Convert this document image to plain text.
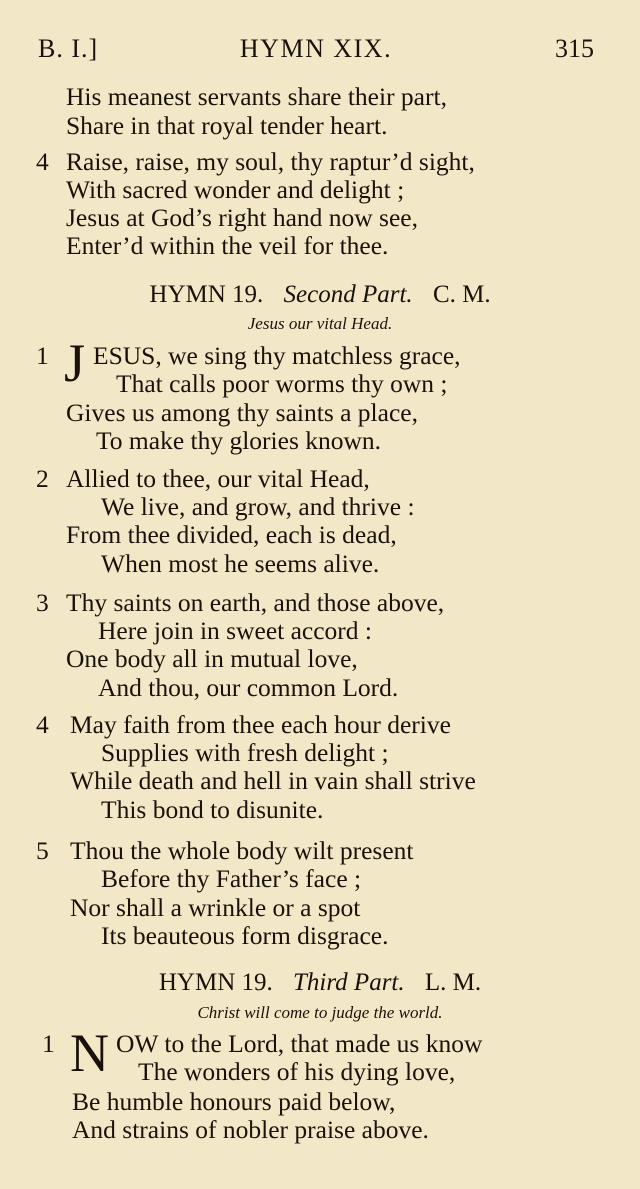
B. I.]	HYMN XIX.	315
His meanest servants share their part,
Share in that royal tender heart.
4 Raise, raise, my soul, thy raptur’d sight,
With sacred wonder and delight ;
Jesus at God’s right hand now see,
Enter’d within the veil for thee.
HYMN 19. Second Part. C. M.
Jesus our vital Head.
1 J ESUS, we sing thy matchless grace,
That calls poor worms thy own ;
Gives us among thy saints a place,
To make thy glories known.
2 Allied to thee, our vital Head,
We live, and grow, and thrive :
From thee divided, each is dead,
When most he seems alive.
3 Thy saints on earth, and those above,
Here join in sweet accord :
One body all in mutual love,
And thou, our common Lord.
4 May faith from thee each hour derive
Supplies with fresh delight ;
While death and hell in vain shall strive
This bond to disunite.
5 Thou the whole body wilt present
Before thy Father’s face ;
Nor shall a wrinkle or a spot
Its beauteous form disgrace.
HYMN 19. Third Part. L. M.
Christ will come to judge the world.
1 N OW to the Lord, that made us know
The wonders of his dying love,
Be humble honours paid below,
And strains of nobler praise above.
